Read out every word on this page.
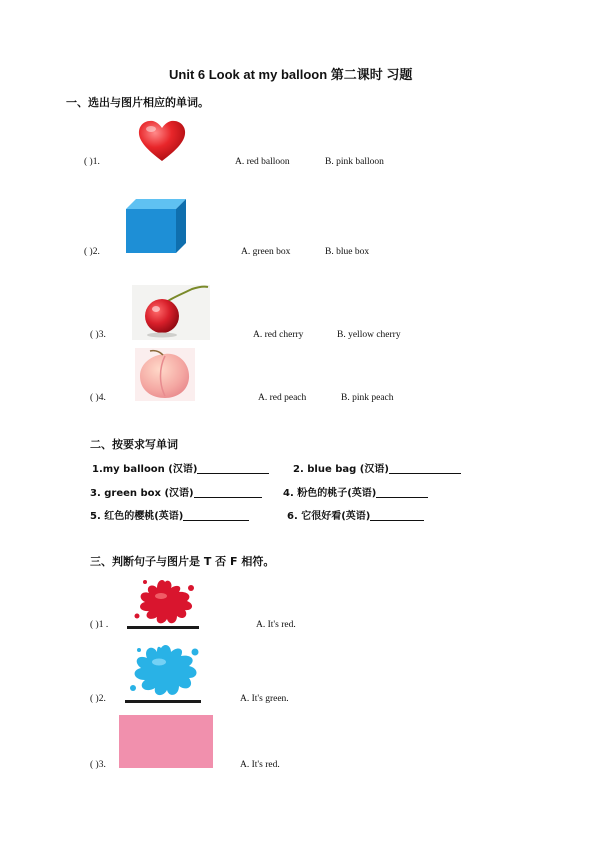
Unit 6 Look at my balloon 第二课时 习题
一、选出与图片相应的单词。
( )1.	A. red balloon	B. pink balloon
( )2.	A. green box	B. blue box
( )3.	A. red cherry	B. yellow cherry
( )4.	A. red peach	B. pink peach
二、按要求写单词
1.my balloon (汉语)	2. blue bag (汉语)
3. green box (汉语)	4. 粉色的桃子(英语)
5. 红色的樱桃(英语)	6. 它很好看(英语)
三、判断句子与图片是 T 否 F 相符。
( )1 .	A. It's red.
( )2.	A. It's green.
( )3.	A. It's red.
